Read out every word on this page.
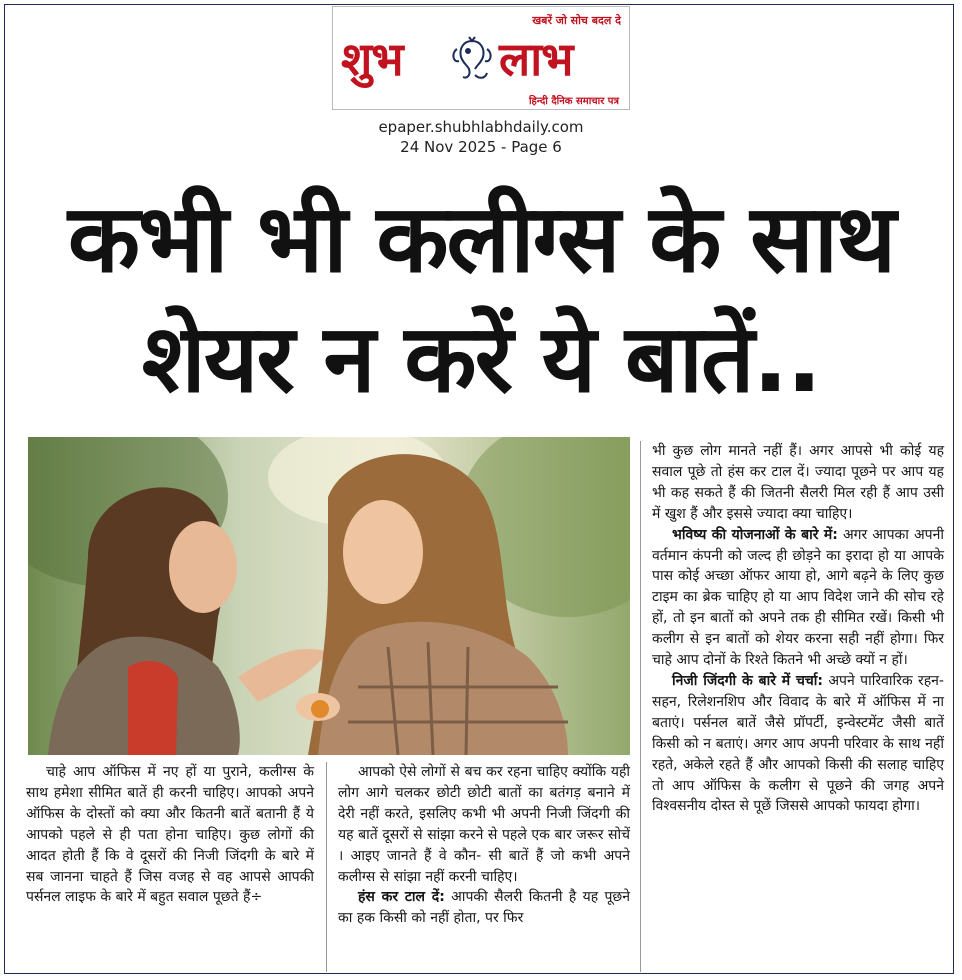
खबरें जो सोच बदल दे
शुभ लाभ
हिन्दी दैनिक समाचार पत्र
epaper.shubhlabhdaily.com
24 Nov 2025 - Page 6
कभी भी कलीग्स के साथ
शेयर न करें ये बातें..

चाहे आप ऑफिस में नए हों या पुराने, कलीग्स के साथ हमेशा सीमित बातें ही करनी चाहिए। आपको अपने ऑफिस के दोस्तों को क्या और कितनी बातें बतानी हैं ये आपको पहले से ही पता होना चाहिए। कुछ लोगों की आदत होती हैं कि वे दूसरों की निजी जिंदगी के बारे में सब जानना चाहते हैं जिस वजह से वह आपसे आपकी पर्सनल लाइफ के बारे में बहुत सवाल पूछते हैं÷

आपको ऐसे लोगों से बच कर रहना चाहिए क्योंकि यही लोग आगे चलकर छोटी छोटी बातों का बतंगड़ बनाने में देरी नहीं करते, इसलिए कभी भी अपनी निजी जिंदगी की यह बातें दूसरों से सांझा करने से पहले एक बार जरूर सोचें । आइए जानते हैं वे कौन- सी बातें हैं जो कभी अपने कलीग्स से सांझा नहीं करनी चाहिए।

हंस कर टाल दें: आपकी सैलरी कितनी है यह पूछने का हक किसी को नहीं होता, पर फिर

भी कुछ लोग मानते नहीं हैं। अगर आपसे भी कोई यह सवाल पूछे तो हंस कर टाल दें। ज्यादा पूछने पर आप यह भी कह सकते हैं की जितनी सैलरी मिल रही हैं आप उसी में खुश हैं और इससे ज्यादा क्या चाहिए।

भविष्य की योजनाओं के बारे में: अगर आपका अपनी वर्तमान कंपनी को जल्द ही छोड़ने का इरादा हो या आपके पास कोई अच्छा ऑफर आया हो, आगे बढ़ने के लिए कुछ टाइम का ब्रेक चाहिए हो या आप विदेश जाने की सोच रहे हों, तो इन बातों को अपने तक ही सीमित रखें। किसी भी कलीग से इन बातों को शेयर करना सही नहीं होगा। फिर चाहे आप दोनों के रिश्ते कितने भी अच्छे क्यों न हों।

निजी जिंदगी के बारे में चर्चा: अपने पारिवारिक रहन-सहन, रिलेशनशिप और विवाद के बारे में ऑफिस में ना बताएं। पर्सनल बातें जैसे प्रॉपर्टी, इन्वेस्टमेंट जैसी बातें किसी को न बताएं। अगर आप अपनी परिवार के साथ नहीं रहते, अकेले रहते हैं और आपको किसी की सलाह चाहिए तो आप ऑफिस के कलीग से पूछने की जगह अपने विश्वसनीय दोस्त से पूछें जिससे आपको फायदा होगा।
